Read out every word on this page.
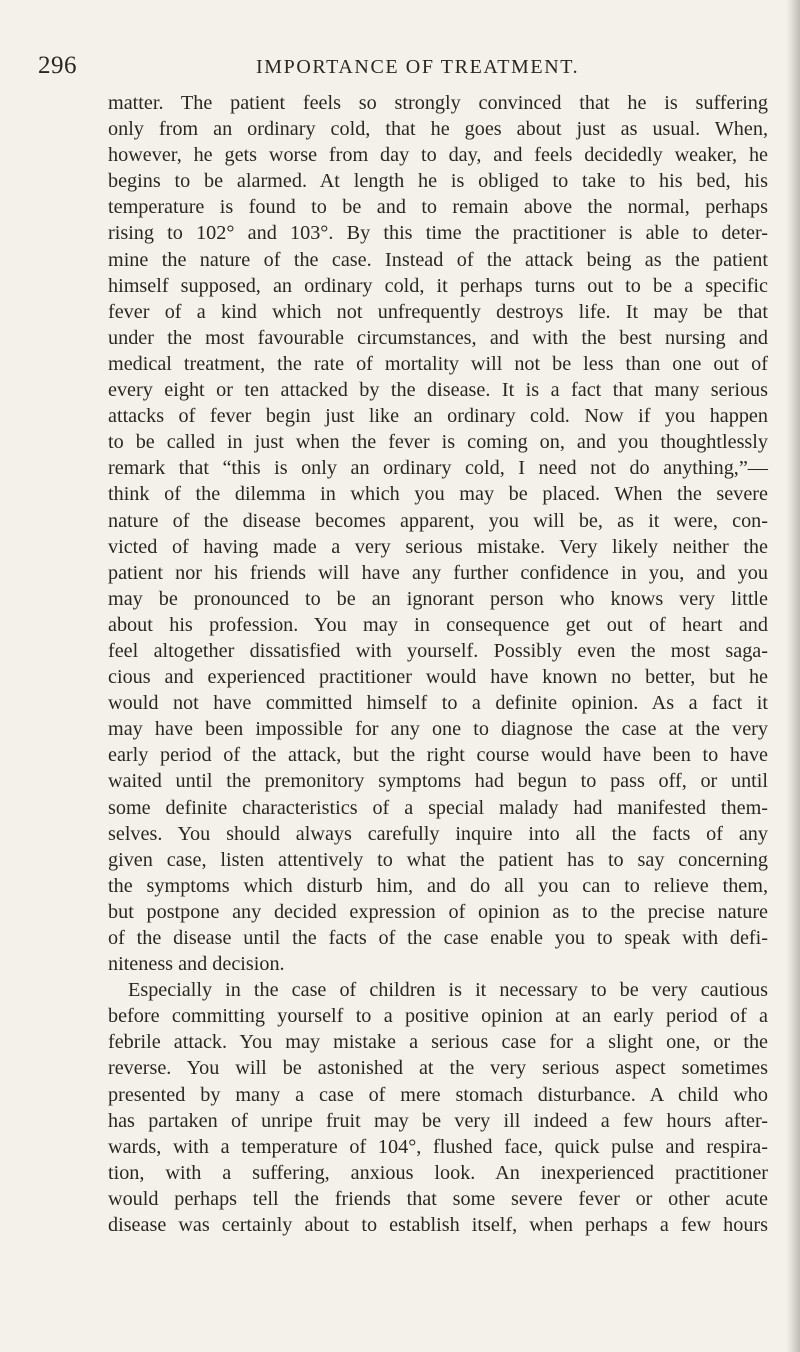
296	IMPORTANCE OF TREATMENT.
matter. The patient feels so strongly convinced that he is suffering
only from an ordinary cold, that he goes about just as usual. When,
however, he gets worse from day to day, and feels decidedly weaker, he
begins to be alarmed. At length he is obliged to take to his bed, his
temperature is found to be and to remain above the normal, perhaps
rising to 102° and 103°. By this time the practitioner is able to deter-
mine the nature of the case. Instead of the attack being as the patient
himself supposed, an ordinary cold, it perhaps turns out to be a specific
fever of a kind which not unfrequently destroys life. It may be that
under the most favourable circumstances, and with the best nursing and
medical treatment, the rate of mortality will not be less than one out of
every eight or ten attacked by the disease. It is a fact that many serious
attacks of fever begin just like an ordinary cold. Now if you happen
to be called in just when the fever is coming on, and you thoughtlessly
remark that “this is only an ordinary cold, I need not do anything,”—
think of the dilemma in which you may be placed. When the severe
nature of the disease becomes apparent, you will be, as it were, con-
victed of having made a very serious mistake. Very likely neither the
patient nor his friends will have any further confidence in you, and you
may be pronounced to be an ignorant person who knows very little
about his profession. You may in consequence get out of heart and
feel altogether dissatisfied with yourself. Possibly even the most saga-
cious and experienced practitioner would have known no better, but he
would not have committed himself to a definite opinion. As a fact it
may have been impossible for any one to diagnose the case at the very
early period of the attack, but the right course would have been to have
waited until the premonitory symptoms had begun to pass off, or until
some definite characteristics of a special malady had manifested them-
selves. You should always carefully inquire into all the facts of any
given case, listen attentively to what the patient has to say concerning
the symptoms which disturb him, and do all you can to relieve them,
but postpone any decided expression of opinion as to the precise nature
of the disease until the facts of the case enable you to speak with defi-
niteness and decision.
Especially in the case of children is it necessary to be very cautious
before committing yourself to a positive opinion at an early period of a
febrile attack. You may mistake a serious case for a slight one, or the
reverse. You will be astonished at the very serious aspect sometimes
presented by many a case of mere stomach disturbance. A child who
has partaken of unripe fruit may be very ill indeed a few hours after-
wards, with a temperature of 104°, flushed face, quick pulse and respira-
tion, with a suffering, anxious look. An inexperienced practitioner
would perhaps tell the friends that some severe fever or other acute
disease was certainly about to establish itself, when perhaps a few hours
